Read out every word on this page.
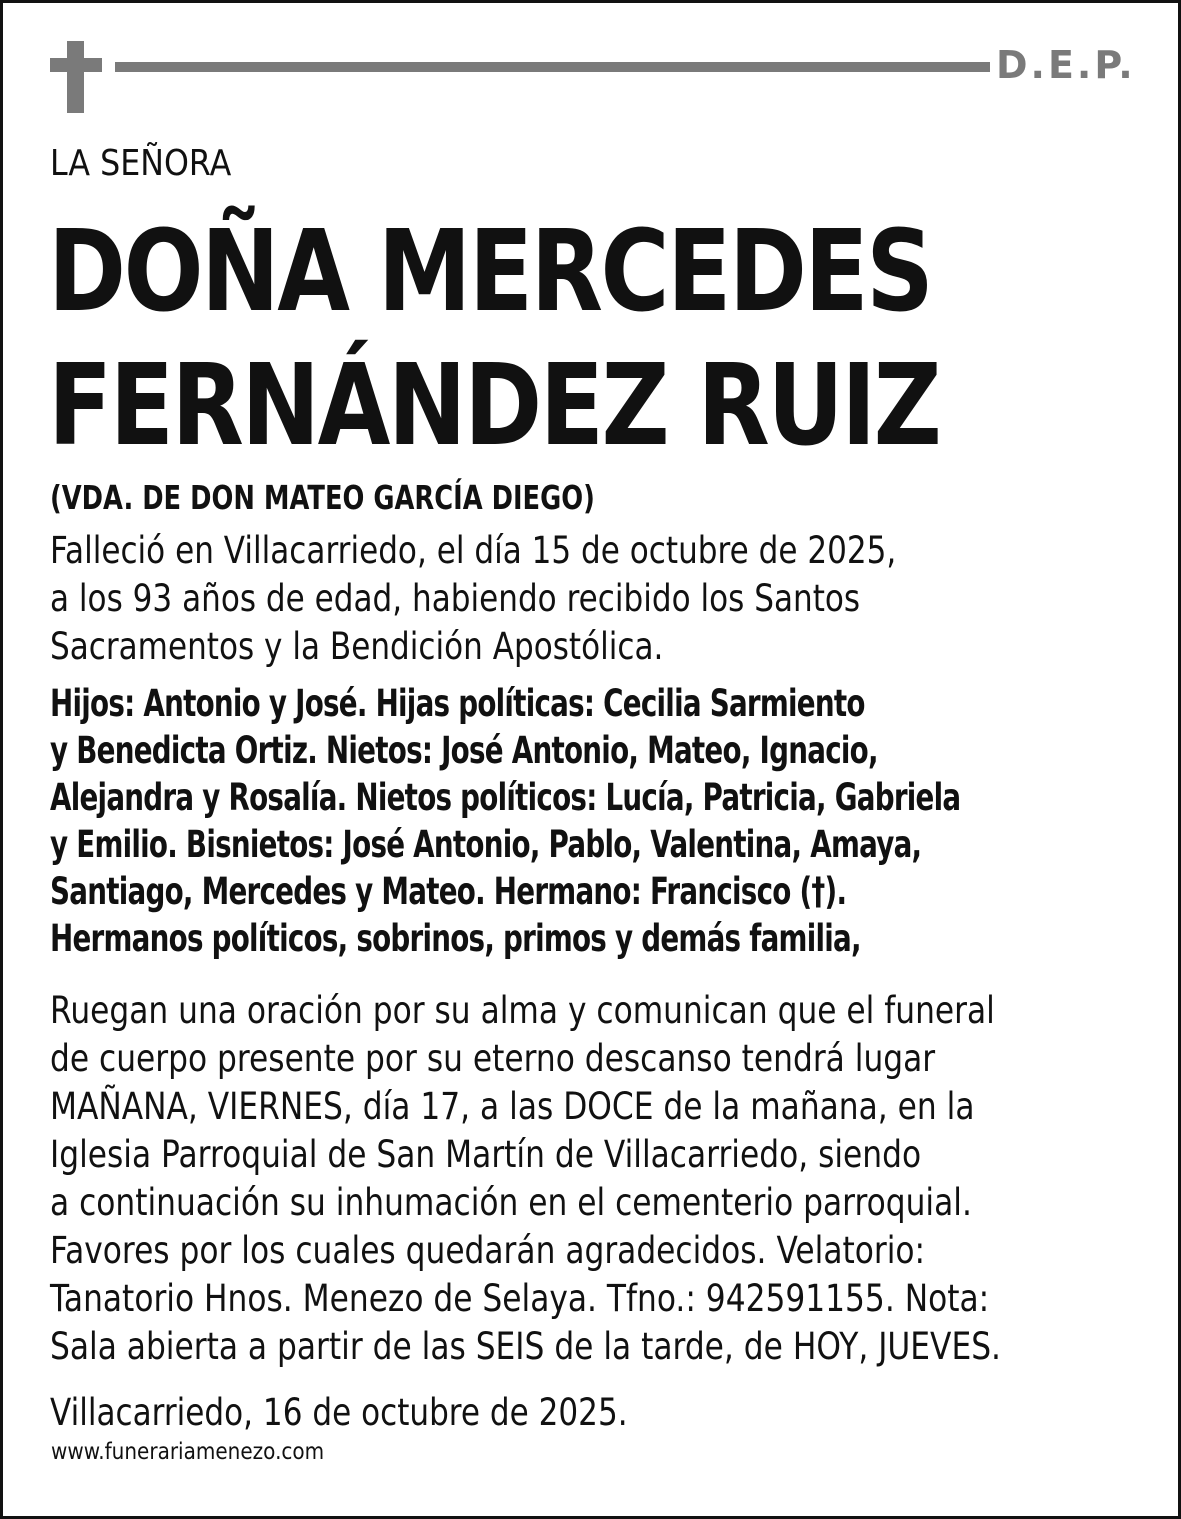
D.E.P.
LA SEÑORA
DOÑA MERCEDES
FERNÁNDEZ RUIZ
(VDA. DE DON MATEO GARCÍA DIEGO)
Falleció en Villacarriedo, el día 15 de octubre de 2025,
a los 93 años de edad, habiendo recibido los Santos
Sacramentos y la Bendición Apostólica.
Hijos: Antonio y José. Hijas políticas: Cecilia Sarmiento
y Benedicta Ortiz. Nietos: José Antonio, Mateo, Ignacio,
Alejandra y Rosalía. Nietos políticos: Lucía, Patricia, Gabriela
y Emilio. Bisnietos: José Antonio, Pablo, Valentina, Amaya,
Santiago, Mercedes y Mateo. Hermano: Francisco (†).
Hermanos políticos, sobrinos, primos y demás familia,
Ruegan una oración por su alma y comunican que el funeral
de cuerpo presente por su eterno descanso tendrá lugar
MAÑANA, VIERNES, día 17, a las DOCE de la mañana, en la
Iglesia Parroquial de San Martín de Villacarriedo, siendo
a continuación su inhumación en el cementerio parroquial.
Favores por los cuales quedarán agradecidos. Velatorio:
Tanatorio Hnos. Menezo de Selaya. Tfno.: 942591155. Nota:
Sala abierta a partir de las SEIS de la tarde, de HOY, JUEVES.
Villacarriedo, 16 de octubre de 2025.
www.funerariamenezo.com
